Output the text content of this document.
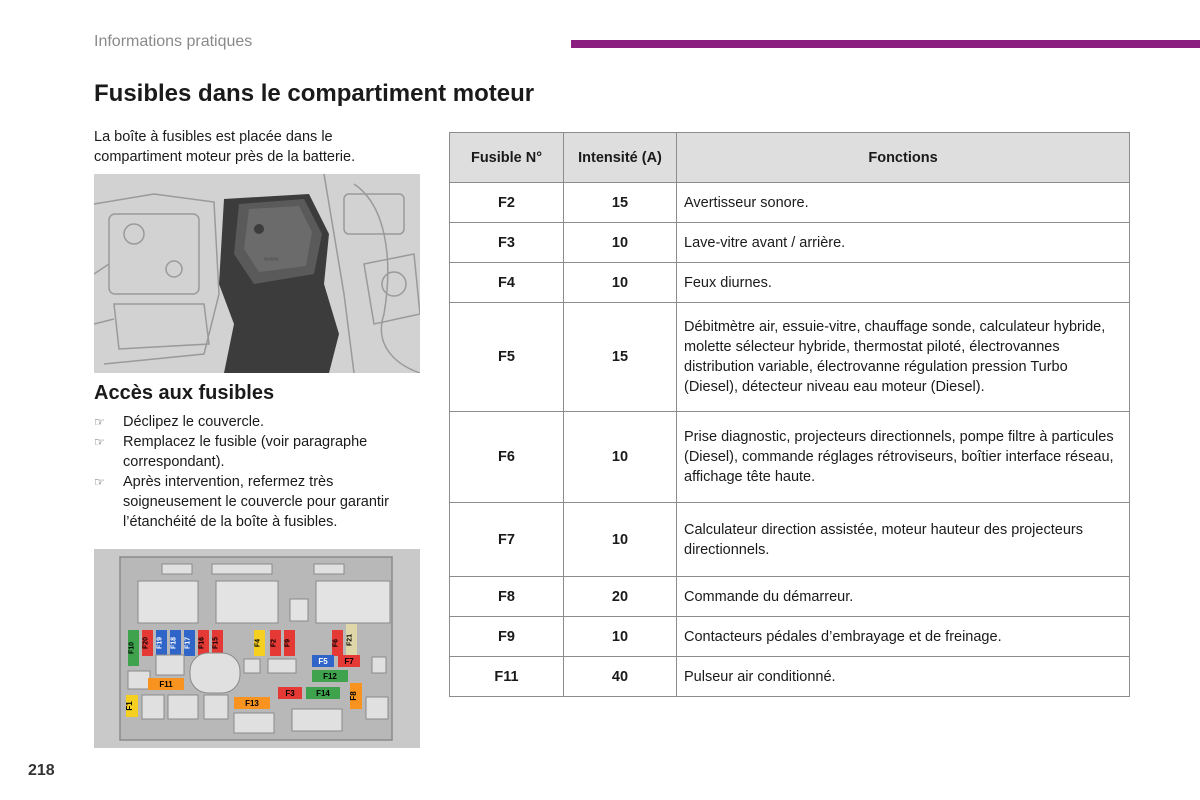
Informations pratiques
Fusibles dans le compartiment moteur

La boîte à fusibles est placée dans le compartiment moteur près de la batterie.

≈≈≈
Accès aux fusibles
☞ Déclipez le couvercle.
☞ Remplacez le fusible (voir paragraphe correspondant).
☞ Après intervention, refermez très soigneusement le couvercle pour garantir l’étanchéité de la boîte à fusibles.
F10 F20 F19 F18 F17 F16 F15	F4 F2 F9	F6 F21
F5 F7
F11
F12
F3	F14 F8
F1	F13
Fusible N°	Intensité (A)	Fonctions
F2	15	Avertisseur sonore.
F3	10	Lave-vitre avant / arrière.
F4	10	Feux diurnes.
F5	15	Débitmètre air, essuie-vitre, chauffage sonde, calculateur hybride, molette sélecteur hybride, thermostat piloté, électrovannes distribution variable, électrovanne régulation pression Turbo (Diesel), détecteur niveau eau moteur (Diesel).
F6	10	Prise diagnostic, projecteurs directionnels, pompe filtre à particules (Diesel), commande réglages rétroviseurs, boîtier interface réseau, affichage tête haute.
F7	10	Calculateur direction assistée, moteur hauteur des projecteurs directionnels.
F8	20	Commande du démarreur.
F9	10	Contacteurs pédales d’embrayage et de freinage.
F11	40	Pulseur air conditionné.
218
